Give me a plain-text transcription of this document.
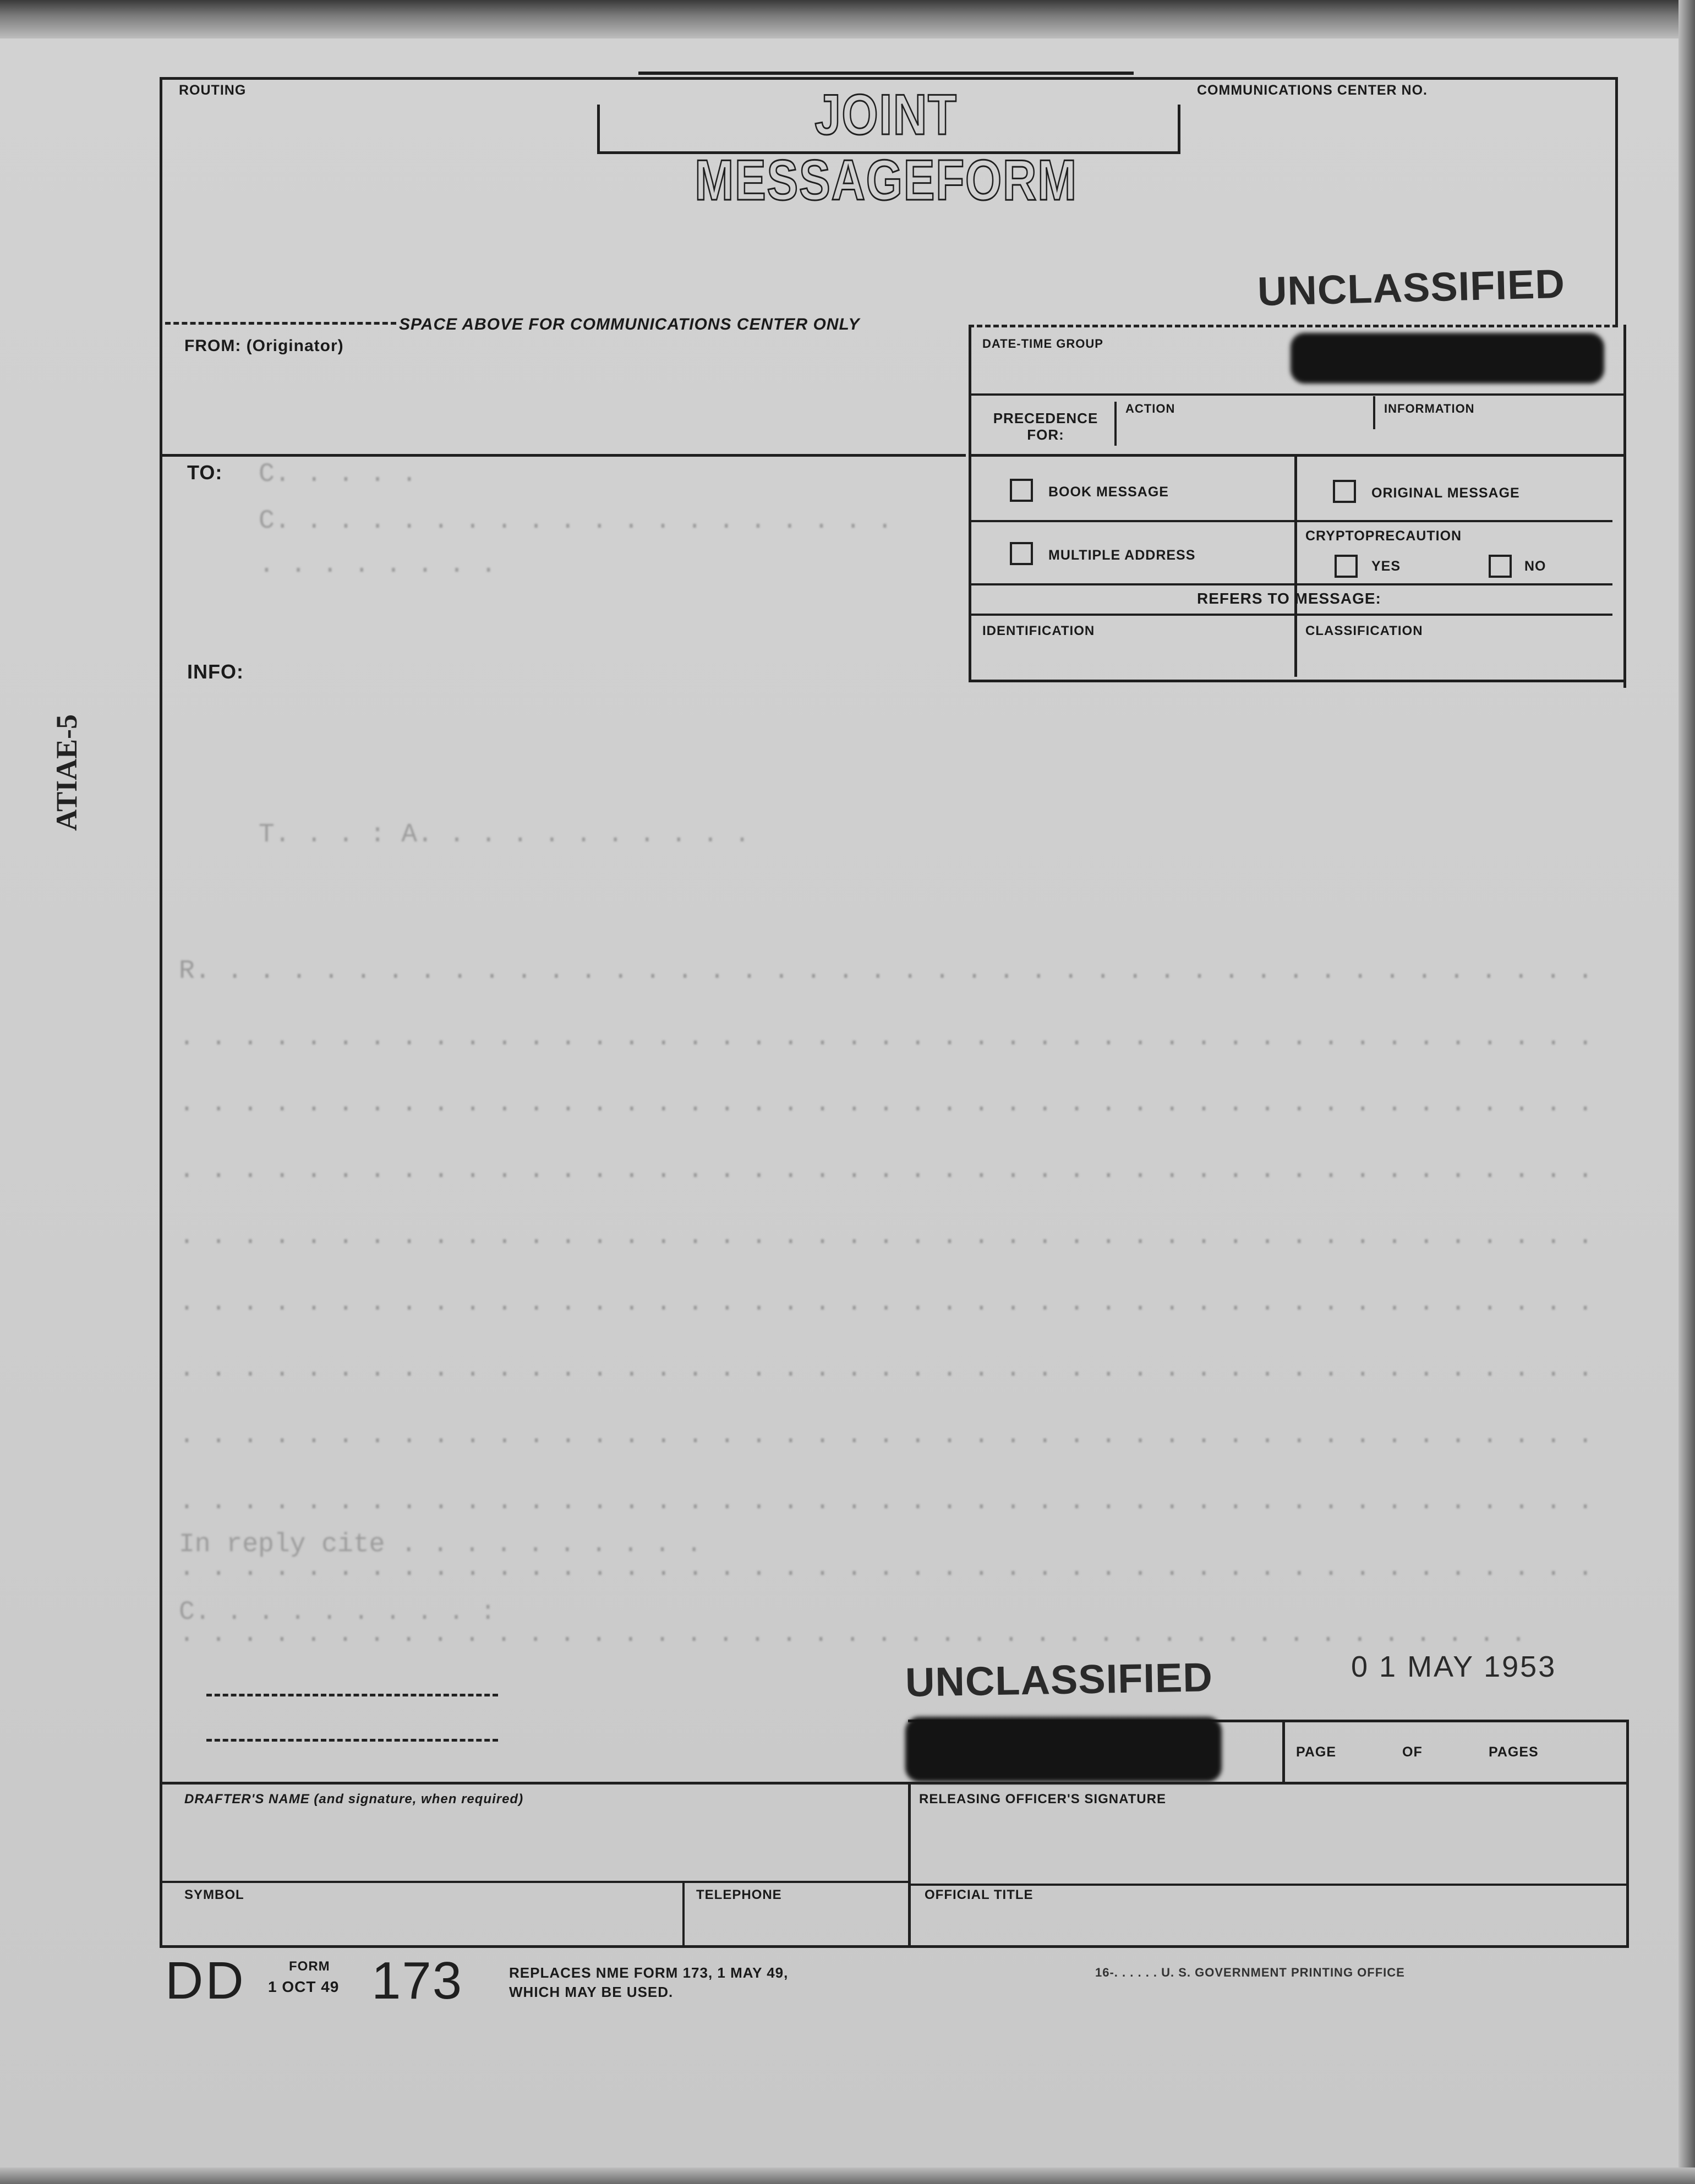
ROUTING	JOINT MESSAGEFORM
COMMUNICATIONS CENTER NO.
UNCLASSIFIED
SPACE ABOVE FOR COMMUNICATIONS CENTER ONLY
FROM: (Originator)
TO: C. . . . .
C. . . . . . . . . . . . . . . . . . . .
. . . . . . . .
INFO:
DATE-TIME GROUP
PRECEDENCE FOR:
ACTION	INFORMATION
BOOK MESSAGE	ORIGINAL MESSAGE
MULTIPLE ADDRESS
CRYPTOPRECAUTION
YES	NO
REFERS TO MESSAGE:
IDENTIFICATION	CLASSIFICATION
ATIAE-5
T. . . : A. . . . . . . . . . .
R. . . . . . . . . . . . . . . . . . . . . . . . . . . . . . . . . . . . . . . . . . . . . . . . . . . . . . . . . . . . . . . . . . . . . . . . . . . . . . . . . . . . . . . . . . . . . . . . . . . . . . . . . . . . . . . . . . . . . . . . . . . . . . . . . . . . . . . . . . . . . . . . . . . . . . . . . . . . . . . . . . . . . . . . . . . . . . . . . . . . . . . . . . . . . . . . . . . . . . . . . . . . . . . . . . . . . . . . . . . . . . . . . . . . . . . . . . . . . . . . . . . . . . . . . . . . . . . . . . . . . . . . . . . . . . . . . . . . . . . . . . . . . . . . . . . . . . . . . . . . . . . . . . . . . . . . . . . . . . . . . . . . . . . . . . . . . . . . . . . . . . . . . . . . . . . . . . . . . . . . . . . . . . . . . . . . . . . . . . . . . . . . . . . . . . . . . . . . . . . . . . . . . . . . . . . . . . . . . . . . . . . . . . . . . . . . . . . . . . . . . . . . . . . . . . . . . . . . . . . . . . . . . . . . . . . . . . . . . . . . . . . . . . . . . . . .
In reply cite . . . . . . . . . .
C. . . . . . . . . :
UNCLASSIFIED	0 1 MAY 1953
PAGE	OF	PAGES
DRAFTER'S NAME (and signature, when required)	RELEASING OFFICER'S SIGNATURE
SYMBOL	TELEPHONE	OFFICIAL TITLE
DD	FORM
1 OCT 49 173	REPLACES NME FORM 173, 1 MAY 49,
WHICH MAY BE USED.
16-. . . . . . U. S. GOVERNMENT PRINTING OFFICE
